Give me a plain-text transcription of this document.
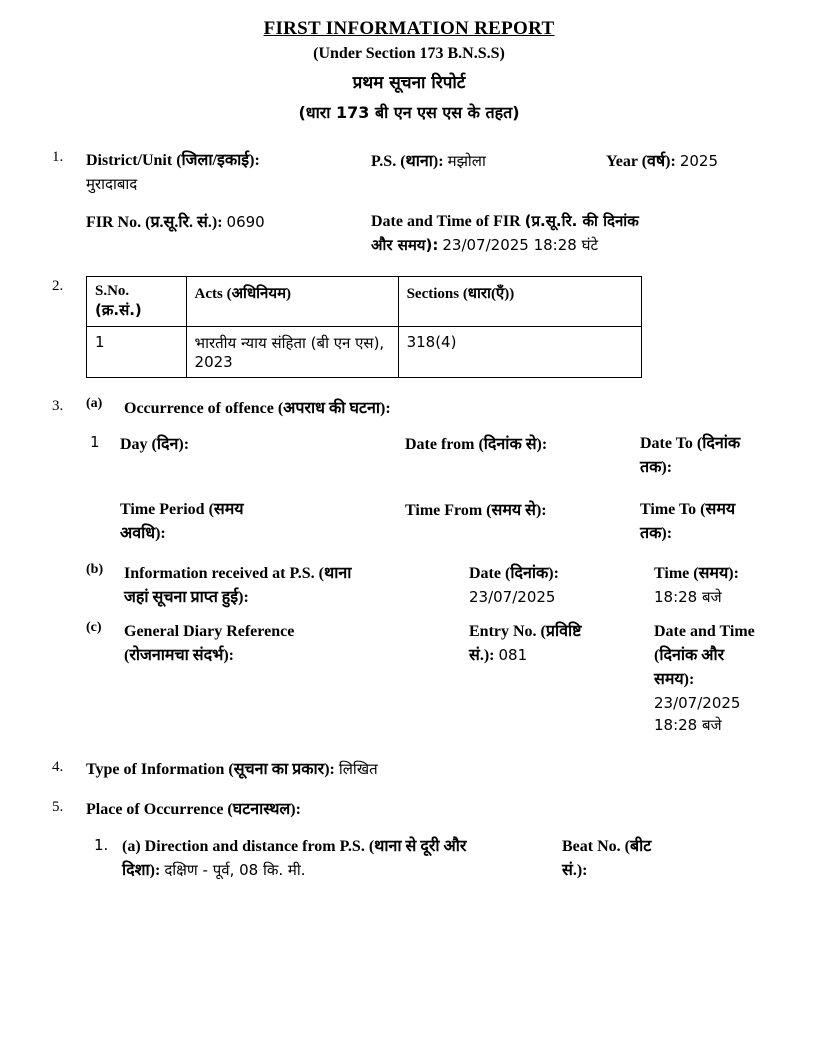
FIRST INFORMATION REPORT
(Under Section 173 B.N.S.S)
प्रथम सूचना रिपोर्ट
(धारा 173 बी एन एस एस के तहत)
1. District/Unit (जिला/इकाई):
मुरादाबाद
P.S. (थाना): मझोला	Year (वर्ष): 2025
FIR No. (प्र.सू.रि. सं.): 0690	Date and Time of FIR (प्र.सू.रि. की दिनांक
और समय): 23/07/2025 18:28 घंटे
2. S.No.
(क्र.सं.)	Acts (अधिनियम)	Sections (धारा(एँ))
1	भारतीय न्याय संहिता (बी एन एस), 2023	318(4)
3. (a) Occurrence of offence (अपराध की घटना):
1 Day (दिन):	Date from (दिनांक से):	Date To (दिनांक
तक):
Time Period (समय
अवधि):
Time From (समय से):	Time To (समय
तक):
(b) Information received at P.S. (थाना
जहां सूचना प्राप्त हुई):
Date (दिनांक):
23/07/2025
Time (समय):
18:28 बजे
(c) General Diary Reference
(रोजनामचा संदर्भ):
Entry No. (प्रविष्टि
सं.): 081
Date and Time
(दिनांक और
समय):
23/07/2025
18:28 बजे
4. Type of Information (सूचना का प्रकार): लिखित
5. Place of Occurrence (घटनास्थल):
1. (a) Direction and distance from P.S. (थाना से दूरी और
दिशा): दक्षिण - पूर्व, 08 कि. मी.
Beat No. (बीट
सं.):
